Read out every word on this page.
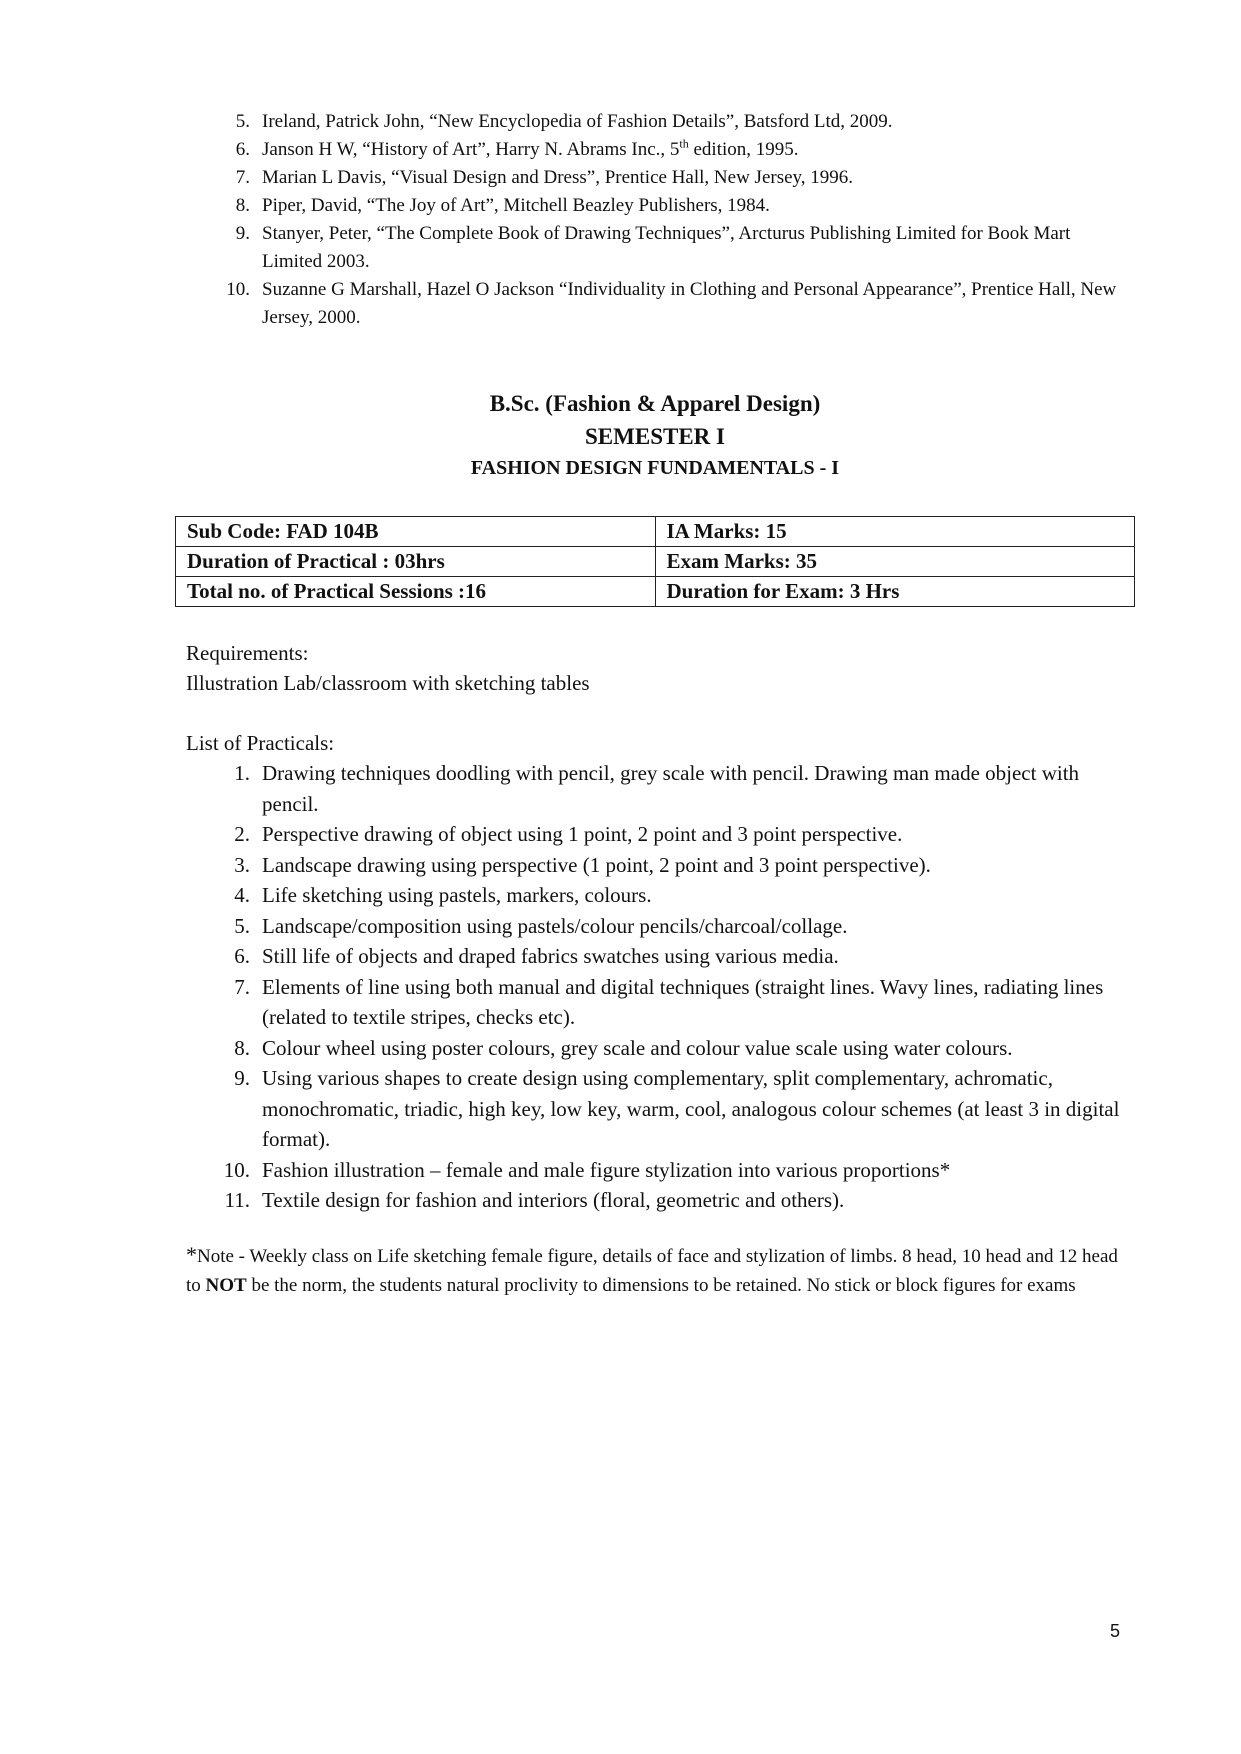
5. Ireland, Patrick John, “New Encyclopedia of Fashion Details”, Batsford Ltd, 2009.
6. Janson H W, “History of Art”, Harry N. Abrams Inc., 5th edition, 1995.
7. Marian L Davis, “Visual Design and Dress”, Prentice Hall, New Jersey, 1996.
8. Piper, David, “The Joy of Art”, Mitchell Beazley Publishers, 1984.
9. Stanyer, Peter, “The Complete Book of Drawing Techniques”, Arcturus Publishing Limited for Book Mart Limited 2003.
10. Suzanne G Marshall, Hazel O Jackson “Individuality in Clothing and Personal Appearance”, Prentice Hall, New Jersey, 2000.
B.Sc. (Fashion & Apparel Design)
SEMESTER I
FASHION DESIGN FUNDAMENTALS - I
Sub Code: FAD 104B	IA Marks: 15
Duration of Practical : 03hrs	Exam Marks: 35
Total no. of Practical Sessions :16	Duration for Exam: 3 Hrs
Requirements:
Illustration Lab/classroom with sketching tables
List of Practicals:
1. Drawing techniques doodling with pencil, grey scale with pencil. Drawing man made object with pencil.
2. Perspective drawing of object using 1 point, 2 point and 3 point perspective.
3. Landscape drawing using perspective (1 point, 2 point and 3 point perspective).
4. Life sketching using pastels, markers, colours.
5. Landscape/composition using pastels/colour pencils/charcoal/collage.
6. Still life of objects and draped fabrics swatches using various media.
7. Elements of line using both manual and digital techniques (straight lines. Wavy lines, radiating lines (related to textile stripes, checks etc).
8. Colour wheel using poster colours, grey scale and colour value scale using water colours.
9. Using various shapes to create design using complementary, split complementary, achromatic, monochromatic, triadic, high key, low key, warm, cool, analogous colour schemes (at least 3 in digital format).
10. Fashion illustration – female and male figure stylization into various proportions*
11. Textile design for fashion and interiors (floral, geometric and others).
*Note - Weekly class on Life sketching female figure, details of face and stylization of limbs. 8 head, 10 head and 12 head to NOT be the norm, the students natural proclivity to dimensions to be retained. No stick or block figures for exams
5
